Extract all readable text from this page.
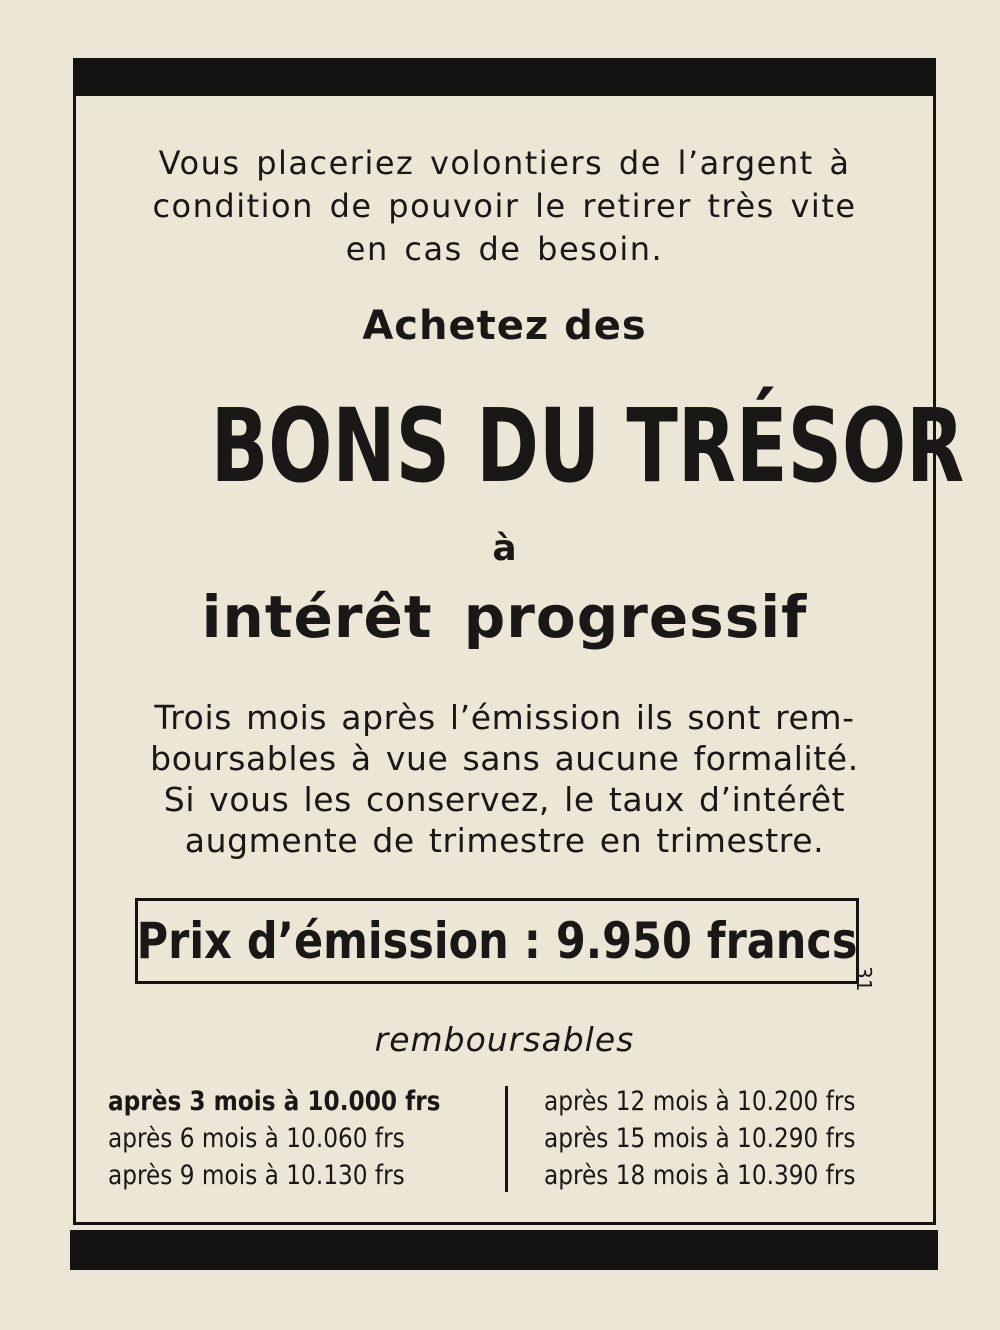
Vous placeriez volontiers de l’argent à
condition de pouvoir le retirer très vite
en cas de besoin.
Achetez des
BONS DU TRÉSOR
à
intérêt progressif
Trois mois après l’émission ils sont rem-
boursables à vue sans aucune formalité.
Si vous les conservez, le taux d’intérêt
augmente de trimestre en trimestre.
Prix d’émission : 9.950 francs
31
remboursables
après 3 mois à 10.000 frs
après 6 mois à 10.060 frs
après 9 mois à 10.130 frs
après 12 mois à 10.200 frs
après 15 mois à 10.290 frs
après 18 mois à 10.390 frs
